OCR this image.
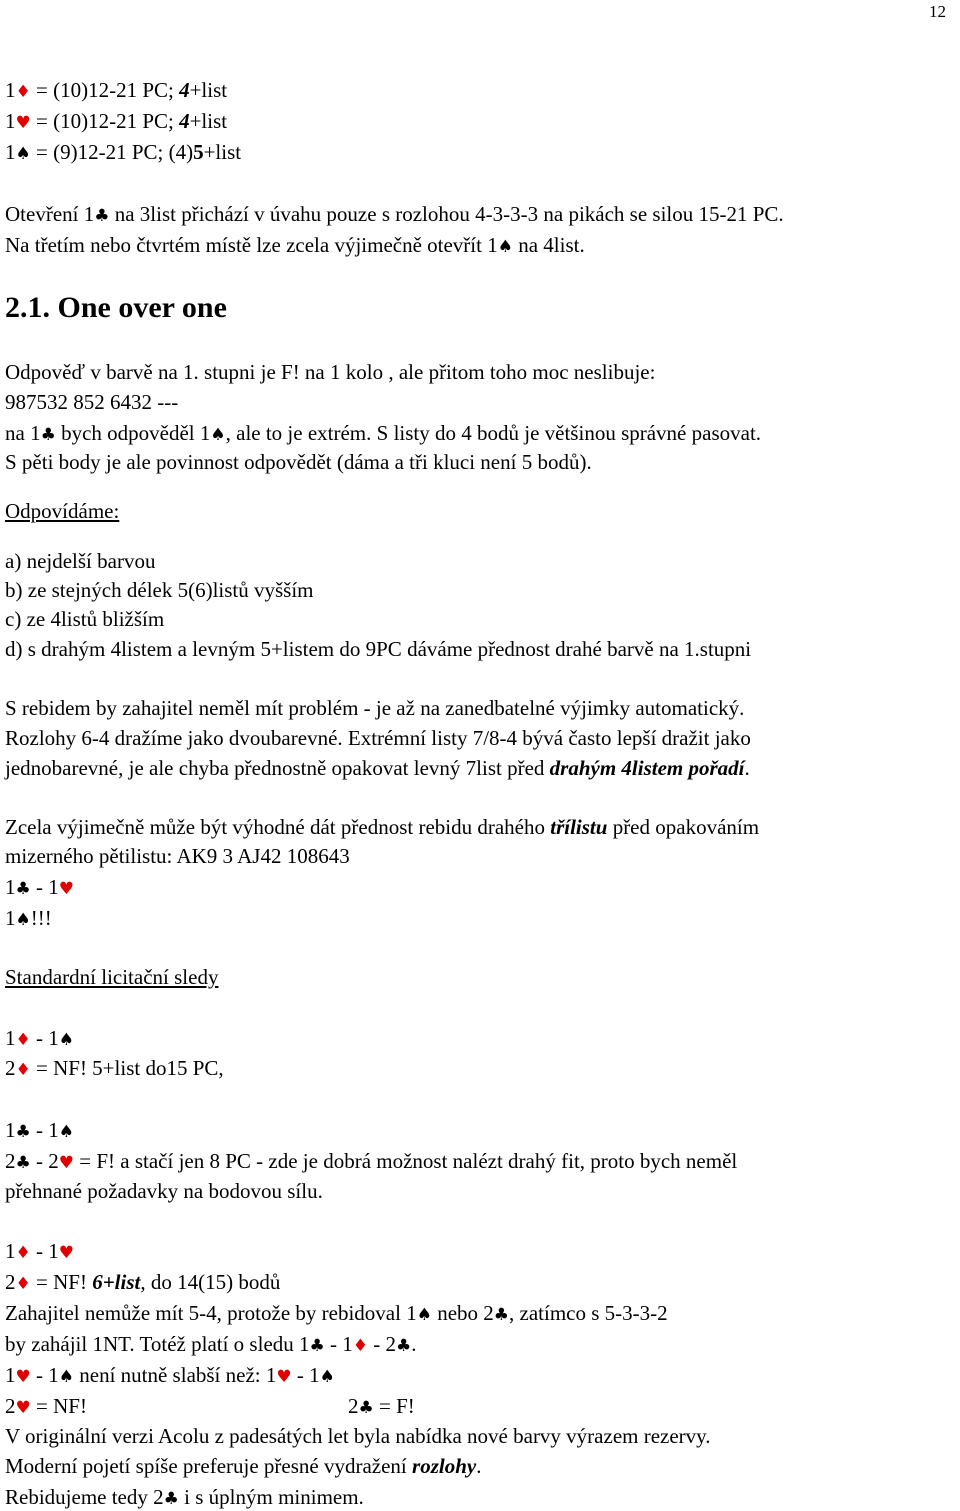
12
1♦ = (10)12-21 PC; 4+list
1♥ = (10)12-21 PC; 4+list
1♠ = (9)12-21 PC; (4)5+list
Otevření 1♣ na 3list přichází v úvahu pouze s rozlohou 4-3-3-3 na pikách se silou 15-21 PC.
Na třetím nebo čtvrtém místě lze zcela výjimečně otevřít 1♠ na 4list.
2.1. One over one
Odpověď v barvě na 1. stupni je F! na 1 kolo , ale přitom toho moc neslibuje:
987532 852 6432 ---
na 1♣ bych odpověděl 1♠, ale to je extrém. S listy do 4 bodů je většinou správné pasovat.
S pěti body je ale povinnost odpovědět (dáma a tři kluci není 5 bodů).
Odpovídáme:
a) nejdelší barvou
b) ze stejných délek 5(6)listů vyšším
c) ze 4listů bližším
d) s drahým 4listem a levným 5+listem do 9PC dáváme přednost drahé barvě na 1.stupni
S rebidem by zahajitel neměl mít problém - je až na zanedbatelné výjimky automatický.
Rozlohy 6-4 dražíme jako dvoubarevné. Extrémní listy 7/8-4 bývá často lepší dražit jako
jednobarevné, je ale chyba přednostně opakovat levný 7list před drahým 4listem pořadí.
Zcela výjimečně může být výhodné dát přednost rebidu drahého třílistu před opakováním
mizerného pětilistu: AK9 3 AJ42 108643
1♣ - 1♥
1♠!!!
Standardní licitační sledy
1♦ - 1♠
2♦ = NF! 5+list do15 PC,
1♣ - 1♠
2♣ - 2♥ = F! a stačí jen 8 PC - zde je dobrá možnost nalézt drahý fit, proto bych neměl
přehnané požadavky na bodovou sílu.
1♦ - 1♥
2♦ = NF! 6+list, do 14(15) bodů
Zahajitel nemůže mít 5-4, protože by rebidoval 1♠ nebo 2♣, zatímco s 5-3-3-2
by zahájil 1NT. Totéž platí o sledu 1♣ - 1♦ - 2♣.
1♥ - 1♠ není nutně slabší než: 1♥ - 1♠
2♥ = NF!	2♣ = F!
V originální verzi Acolu z padesátých let byla nabídka nové barvy výrazem rezervy.
Moderní pojetí spíše preferuje přesné vydražení rozlohy.
Rebidujeme tedy 2♣ i s úplným minimem.
